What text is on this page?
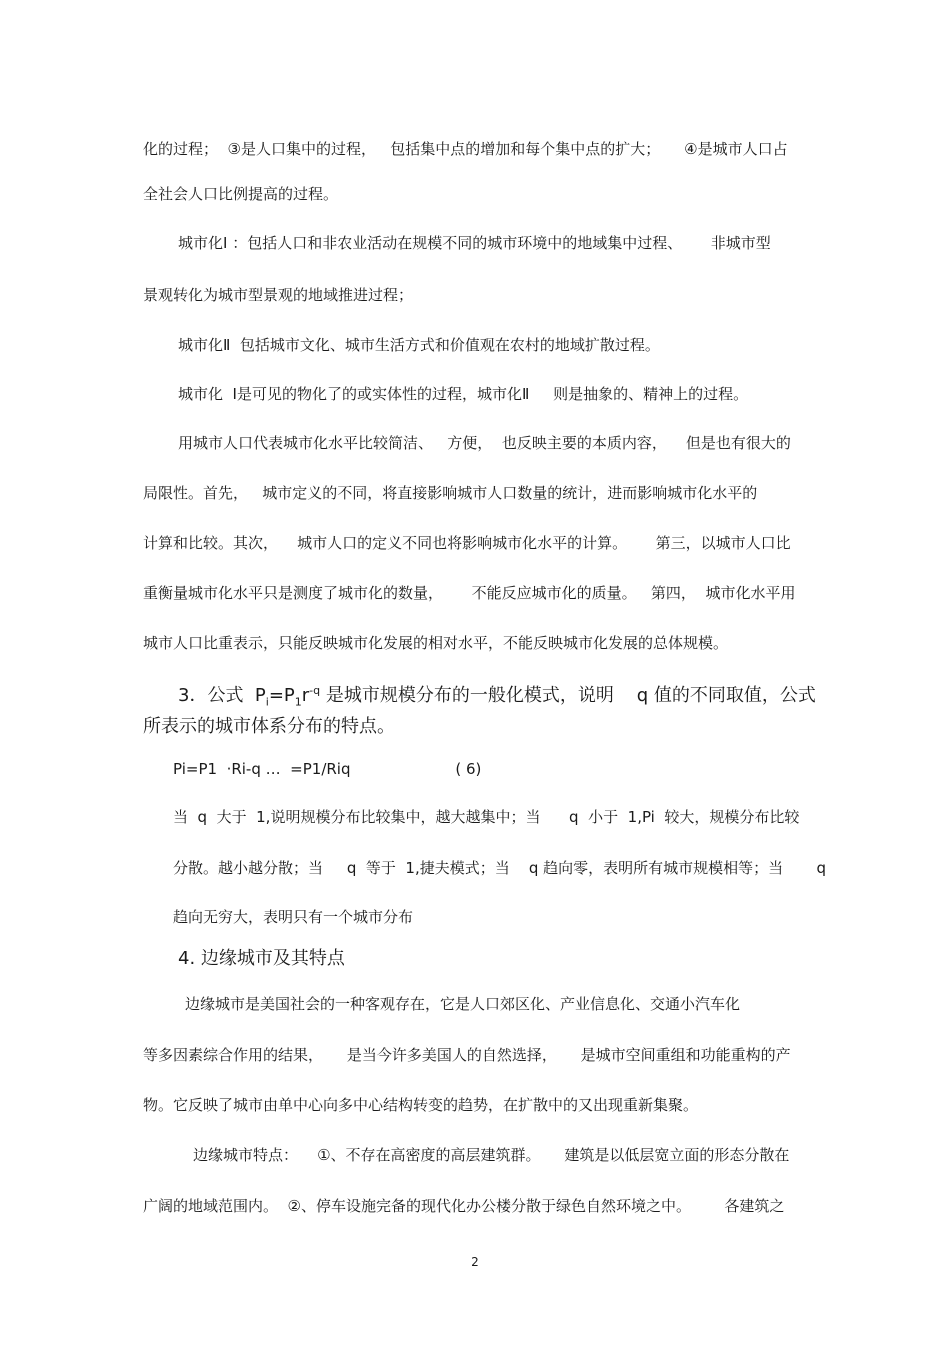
化的过程；  ③是人口集中的过程，   包括集中点的增加和每个集中点的扩大；     ④是城市人口占

全社会人口比例提高的过程。

城市化Ⅰ ：包括人口和非农业活动在规模不同的城市环境中的地域集中过程、      非城市型

景观转化为城市型景观的地域推进过程；

城市化Ⅱ  包括城市文化、城市生活方式和价值观在农村的地域扩散过程。

城市化  Ⅰ是可见的物化了的或实体性的过程，城市化Ⅱ     则是抽象的、精神上的过程。

用城市人口代表城市化水平比较简洁、   方便，  也反映主要的本质内容，    但是也有很大的

局限性。首先，   城市定义的不同，将直接影响城市人口数量的统计，进而影响城市化水平的

计算和比较。其次，    城市人口的定义不同也将影响城市化水平的计算。      第三，以城市人口比

重衡量城市化水平只是测度了城市化的数量，      不能反应城市化的质量。   第四，  城市化水平用

城市人口比重表示，只能反映城市化发展的相对水平，不能反映城市化发展的总体规模。

3．公式  $P_i=P_1r^{-q}$ 是城市规模分布的一般化模式，说明    q 值的不同取值，公式

所表示的城市体系分布的特点。

Pi=P1  ·Ri-q …  =P1/Riq                      ( 6)

当  q  大于  1,说明规模分布比较集中，越大越集中；当      q  小于  1,Pi  较大，规模分布比较

分散。越小越分散；当     q  等于  1,捷夫模式；当    q 趋向零，表明所有城市规模相等；当       q

趋向无穷大，表明只有一个城市分布

4. 边缘城市及其特点

边缘城市是美国社会的一种客观存在，它是人口郊区化、产业信息化、交通小汽车化

等多因素综合作用的结果，     是当今许多美国人的自然选择，     是城市空间重组和功能重构的产

物。它反映了城市由单中心向多中心结构转变的趋势，在扩散中的又出现重新集聚。

边缘城市特点：    ①、不存在高密度的高层建筑群。     建筑是以低层宽立面的形态分散在

广阔的地域范围内。  ②、停车设施完备的现代化办公楼分散于绿色自然环境之中。       各建筑之

2
